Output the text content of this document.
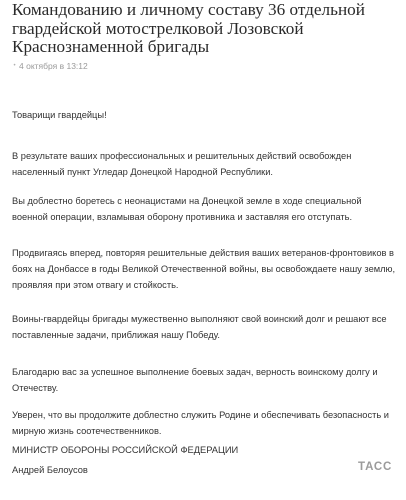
Командованию и личному составу 36 отдельной
гвардейской мотострелковой Лозовской
Краснознаменной бригады
• 4 октября в 13:12
Товарищи гвардейцы!
В результате ваших профессиональных и решительных действий освобожден
населенный пункт Угледар Донецкой Народной Республики.
Вы доблестно боретесь с неонацистами на Донецкой земле в ходе специальной
военной операции, взламывая оборону противника и заставляя его отступать.
Продвигаясь вперед, повторяя решительные действия ваших ветеранов-фронтовиков в
боях на Донбассе в годы Великой Отечественной войны, вы освобождаете нашу землю,
проявляя при этом отвагу и стойкость.
Воины-гвардейцы бригады мужественно выполняют свой воинский долг и решают все
поставленные задачи, приближая нашу Победу.
Благодарю вас за успешное выполнение боевых задач, верность воинскому долгу и
Отечеству.
Уверен, что вы продолжите доблестно служить Родине и обеспечивать безопасность и
мирную жизнь соотечественников.
МИНИСТР ОБОРОНЫ РОССИЙСКОЙ ФЕДЕРАЦИИ
Андрей Белоусов	ТАСС
